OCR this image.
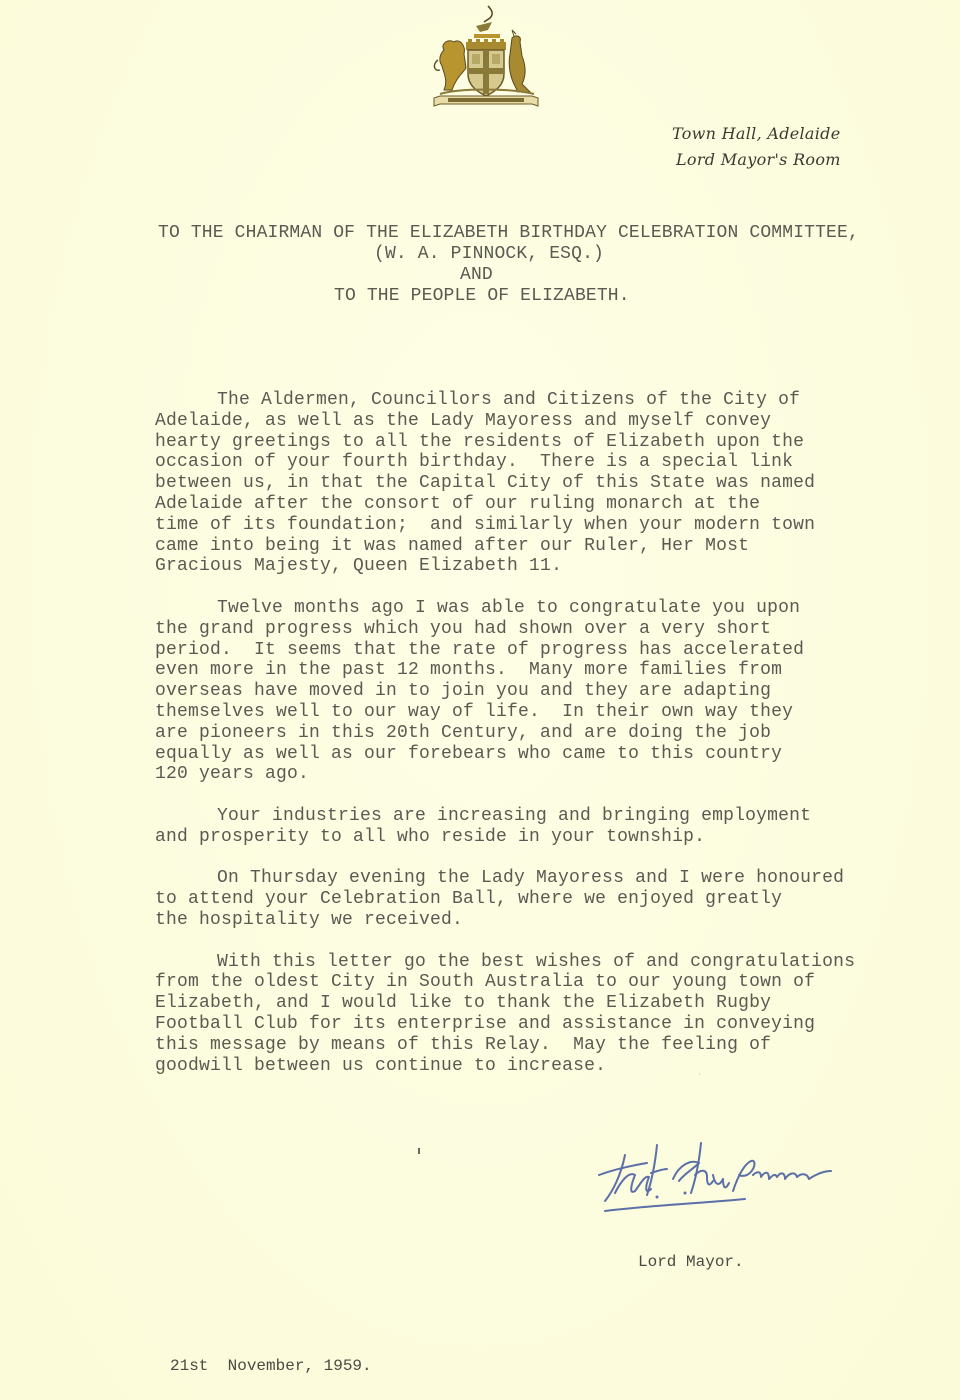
Town Hall, Adelaide
Lord Mayor's Room
TO THE CHAIRMAN OF THE ELIZABETH BIRTHDAY CELEBRATION COMMITTEE,
(W. A. PINNOCK, ESQ.)
AND
TO THE PEOPLE OF ELIZABETH.
The Aldermen, Councillors and Citizens of the City of
Adelaide, as well as the Lady Mayoress and myself convey
hearty greetings to all the residents of Elizabeth upon the
occasion of your fourth birthday.  There is a special link
between us, in that the Capital City of this State was named
Adelaide after the consort of our ruling monarch at the
time of its foundation;  and similarly when your modern town
came into being it was named after our Ruler, Her Most
Gracious Majesty, Queen Elizabeth 11.
Twelve months ago I was able to congratulate you upon
the grand progress which you had shown over a very short
period.  It seems that the rate of progress has accelerated
even more in the past 12 months.  Many more families from
overseas have moved in to join you and they are adapting
themselves well to our way of life.  In their own way they
are pioneers in this 20th Century, and are doing the job
equally as well as our forebears who came to this country
120 years ago.
Your industries are increasing and bringing employment
and prosperity to all who reside in your township.
On Thursday evening the Lady Mayoress and I were honoured
to attend your Celebration Ball, where we enjoyed greatly
the hospitality we received.
With this letter go the best wishes of and congratulations
from the oldest City in South Australia to our young town of
Elizabeth, and I would like to thank the Elizabeth Rugby
Football Club for its enterprise and assistance in conveying
this message by means of this Relay.  May the feeling of
goodwill between us continue to increase.	·
Lord Mayor.
21st  November, 1959.
